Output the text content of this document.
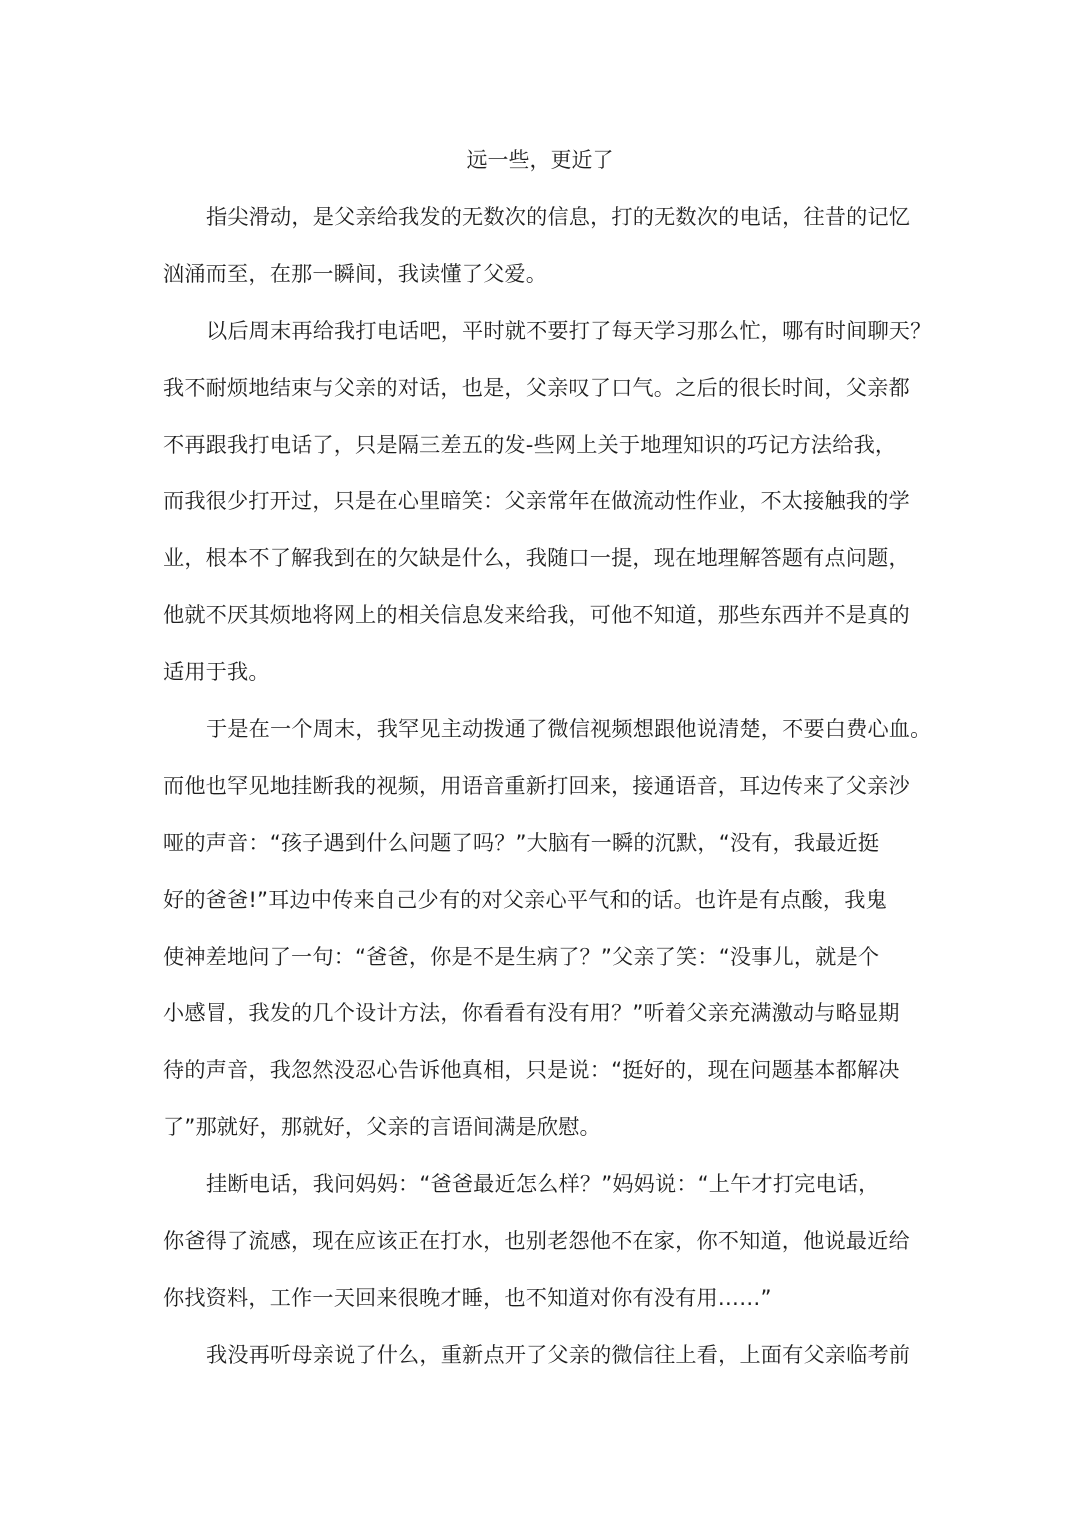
远一些，更近了
指尖滑动，是父亲给我发的无数次的信息，打的无数次的电话，往昔的记忆
汹涌而至，在那一瞬间，我读懂了父爱。
以后周末再给我打电话吧，平时就不要打了每天学习那么忙，哪有时间聊天？
我不耐烦地结束与父亲的对话，也是，父亲叹了口气。之后的很长时间，父亲都
不再跟我打电话了，只是隔三差五的发-些网上关于地理知识的巧记方法给我，
而我很少打开过，只是在心里暗笑：父亲常年在做流动性作业，不太接触我的学
业，根本不了解我到在的欠缺是什么，我随口一提，现在地理解答题有点问题，
他就不厌其烦地将网上的相关信息发来给我，可他不知道，那些东西并不是真的
适用于我。
于是在一个周末，我罕见主动拨通了微信视频想跟他说清楚，不要白费心血。
而他也罕见地挂断我的视频，用语音重新打回来，接通语音，耳边传来了父亲沙
哑的声音：“孩子遇到什么问题了吗？”大脑有一瞬的沉默，“没有，我最近挺
好的爸爸!”耳边中传来自己少有的对父亲心平气和的话。也许是有点酸，我鬼
使神差地问了一句：“爸爸，你是不是生病了？”父亲了笑：“没事儿，就是个
小感冒，我发的几个设计方法，你看看有没有用？”听着父亲充满激动与略显期
待的声音，我忽然没忍心告诉他真相，只是说：“挺好的，现在问题基本都解决
了”那就好，那就好，父亲的言语间满是欣慰。
挂断电话，我问妈妈：“爸爸最近怎么样？”妈妈说：“上午才打完电话，
你爸得了流感，现在应该正在打水，也别老怨他不在家，你不知道，他说最近给
你找资料，工作一天回来很晚才睡，也不知道对你有没有用……”
我没再听母亲说了什么，重新点开了父亲的微信往上看，上面有父亲临考前
